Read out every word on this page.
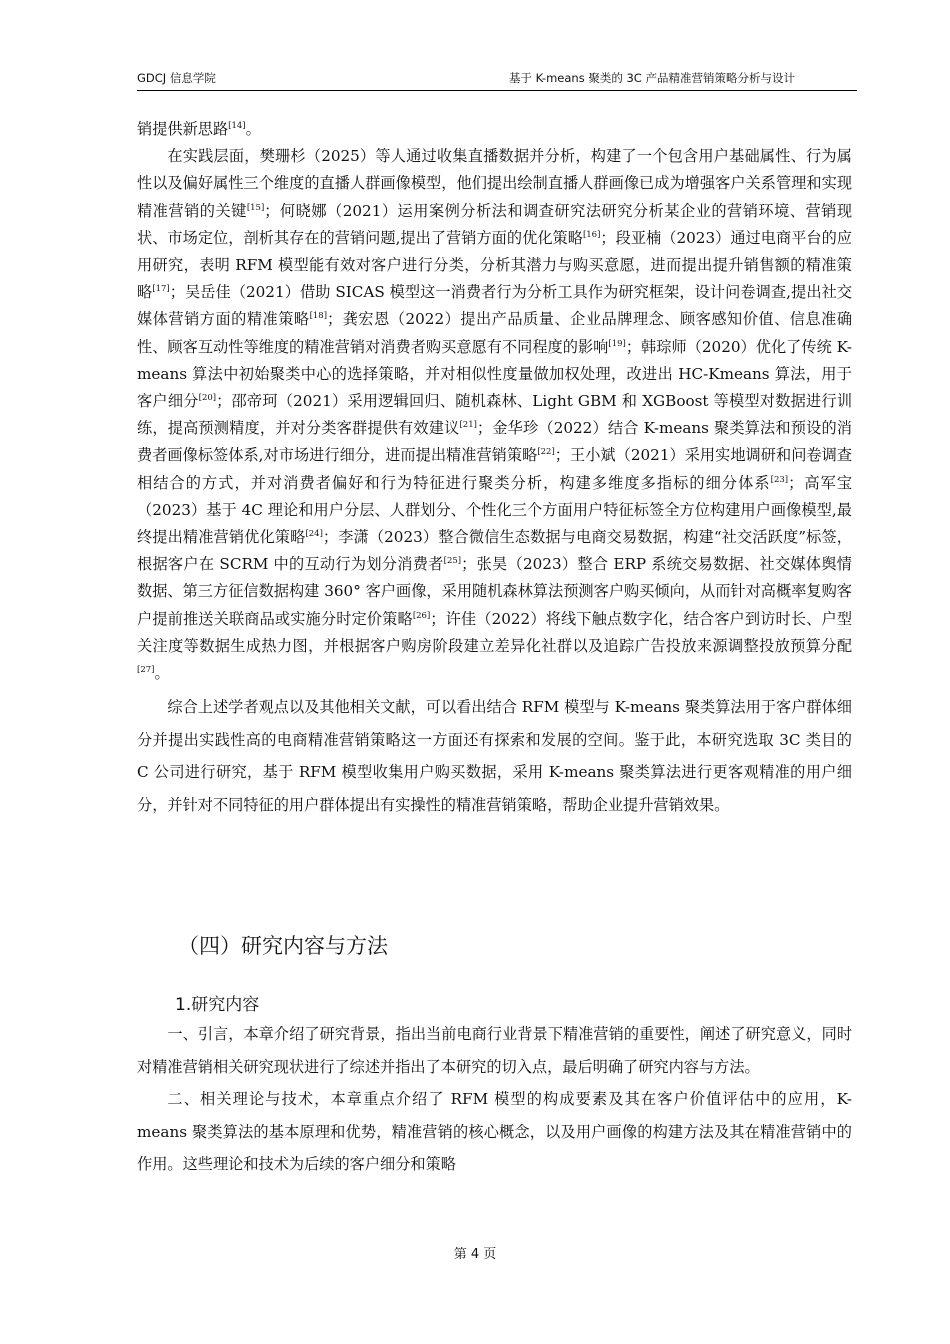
GDCJ 信息学院	基于 K-means 聚类的 3C 产品精准营销策略分析与设计

销提供新思路[14]。

在实践层面，樊珊杉（2025）等人通过收集直播数据并分析，构建了一个包含用户基础属性、行为属性以及偏好属性三个维度的直播人群画像模型，他们提出绘制直播人群画像已成为增强客户关系管理和实现精准营销的关键[15]；何晓娜（2021）运用案例分析法和调查研究法研究分析某企业的营销环境、营销现状、市场定位，剖析其存在的营销问题,提出了营销方面的优化策略[16]；段亚楠（2023）通过电商平台的应用研究，表明 RFM 模型能有效对客户进行分类，分析其潜力与购买意愿，进而提出提升销售额的精准策略[17]；吴岳佳（2021）借助 SICAS 模型这一消费者行为分析工具作为研究框架，设计问卷调查,提出社交媒体营销方面的精准策略[18]；龚宏恩（2022）提出产品质量、企业品牌理念、顾客感知价值、信息准确性、顾客互动性等维度的精准营销对消费者购买意愿有不同程度的影响[19]；韩琮师（2020）优化了传统 K-means 算法中初始聚类中心的选择策略，并对相似性度量做加权处理，改进出 HC-Kmeans 算法，用于客户细分[20]；邵帝珂（2021）采用逻辑回归、随机森林、Light GBM 和 XGBoost 等模型对数据进行训练，提高预测精度，并对分类客群提供有效建议[21]；金华珍（2022）结合 K-means 聚类算法和预设的消费者画像标签体系,对市场进行细分，进而提出精准营销策略[22]；王小斌（2021）采用实地调研和问卷调查相结合的方式，并对消费者偏好和行为特征进行聚类分析，构建多维度多指标的细分体系[23]；高军宝（2023）基于 4C 理论和用户分层、人群划分、个性化三个方面用户特征标签全方位构建用户画像模型,最终提出精准营销优化策略[24]；李潇（2023）整合微信生态数据与电商交易数据，构建“社交活跃度”标签，根据客户在 SCRM 中的互动行为划分消费者[25]；张昊（2023）整合 ERP 系统交易数据、社交媒体舆情数据、第三方征信数据构建 360° 客户画像，采用随机森林算法预测客户购买倾向，从而针对高概率复购客户提前推送关联商品或实施分时定价策略[26]；许佳（2022）将线下触点数字化，结合客户到访时长、户型关注度等数据生成热力图，并根据客户购房阶段建立差异化社群以及追踪广告投放来源调整投放预算分配[27]。

综合上述学者观点以及其他相关文献，可以看出结合 RFM 模型与 K-means 聚类算法用于客户群体细分并提出实践性高的电商精准营销策略这一方面还有探索和发展的空间。鉴于此，本研究选取 3C 类目的 C 公司进行研究，基于 RFM 模型收集用户购买数据，采用 K-means 聚类算法进行更客观精准的用户细分，并针对不同特征的用户群体提出有实操性的精准营销策略，帮助企业提升营销效果。

（四）研究内容与方法
1.研究内容

一、引言，本章介绍了研究背景，指出当前电商行业背景下精准营销的重要性，阐述了研究意义，同时对精准营销相关研究现状进行了综述并指出了本研究的切入点，最后明确了研究内容与方法。

二、相关理论与技术，本章重点介绍了 RFM 模型的构成要素及其在客户价值评估中的应用，K-means 聚类算法的基本原理和优势，精准营销的核心概念，以及用户画像的构建方法及其在精准营销中的作用。这些理论和技术为后续的客户细分和策略

第 4 页
